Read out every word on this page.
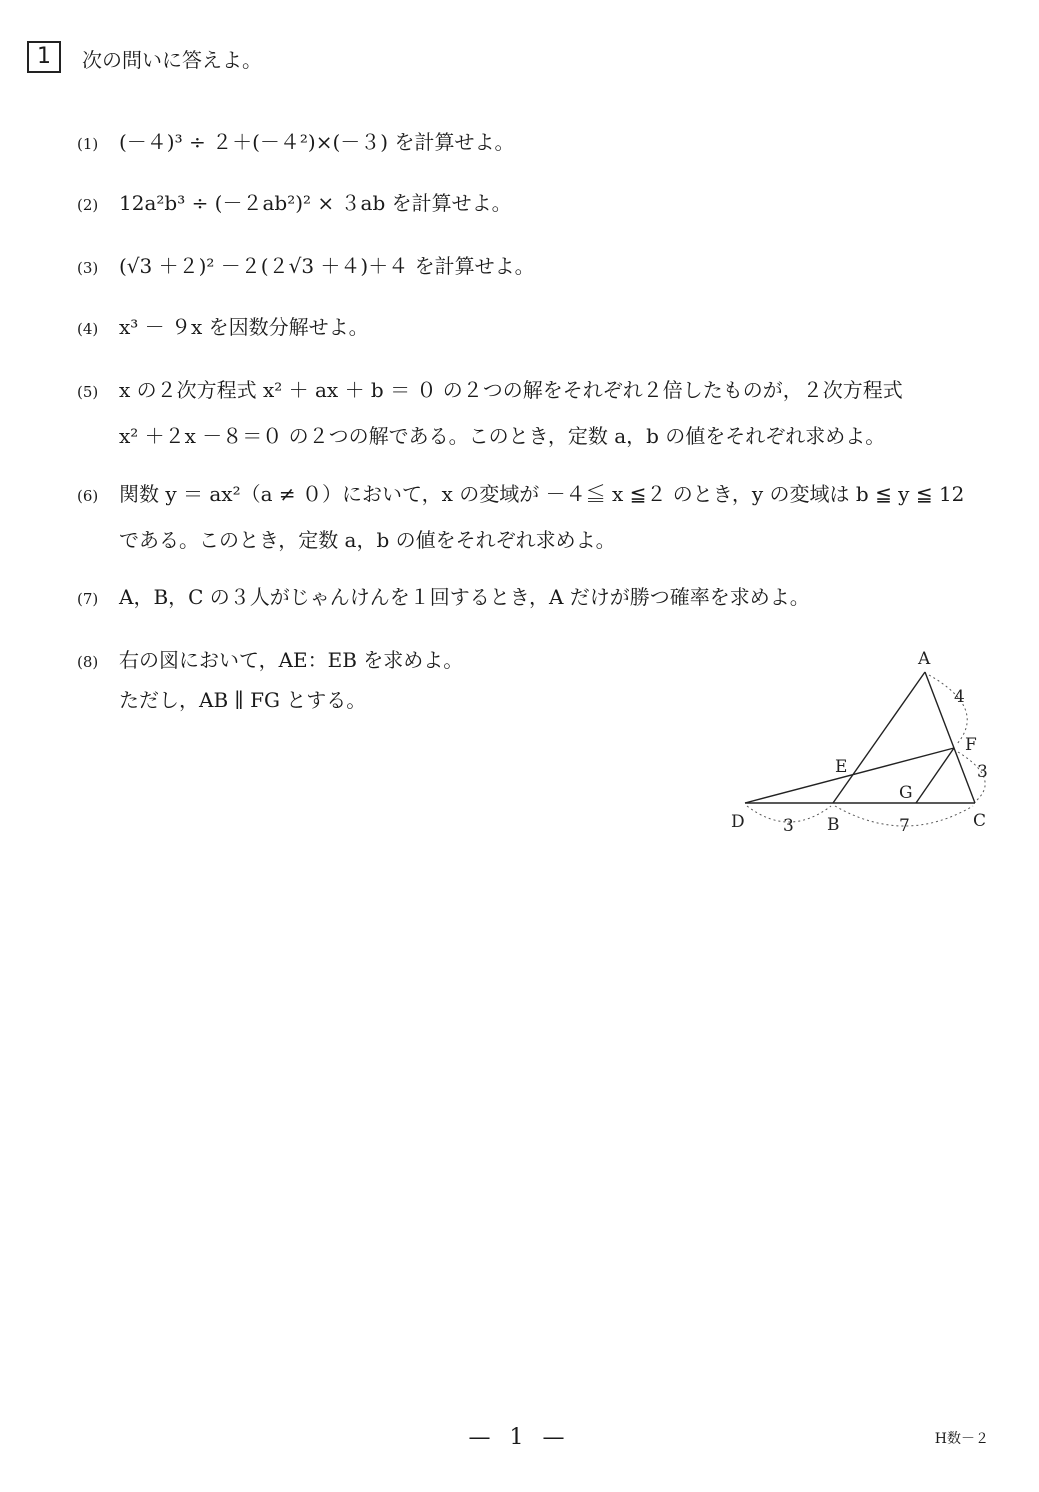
1	次の問いに答えよ。
(1) (－４)³ ÷ ２＋(－４²)×(－３) を計算せよ。
(2) 12a²b³ ÷ (－２ab²)² × ３ab を計算せよ。
(3) (√3 ＋２)² －２(２√3 ＋４)＋４ を計算せよ。
(4) x³ － ９x を因数分解せよ。
(5) x の２次方程式 x² ＋ ax ＋ b ＝ ０ の２つの解をそれぞれ２倍したものが，２次方程式
x² ＋２x －８＝０ の２つの解である。このとき，定数 a，b の値をそれぞれ求めよ。
(6) 関数 y ＝ ax²（a ≠ ０）において，x の変域が －４≦ x ≦２ のとき，y の変域は b ≦ y ≦ 12
である。このとき，定数 a，b の値をそれぞれ求めよ。
(7) A，B，C の３人がじゃんけんを１回するとき，A だけが勝つ確率を求めよ。
(8) 右の図において，AE：EB を求めよ。
ただし，AB ∥ FG とする。
A
B	C
D
E
F
G
4
3
3	7
— 1 —	H数－２
